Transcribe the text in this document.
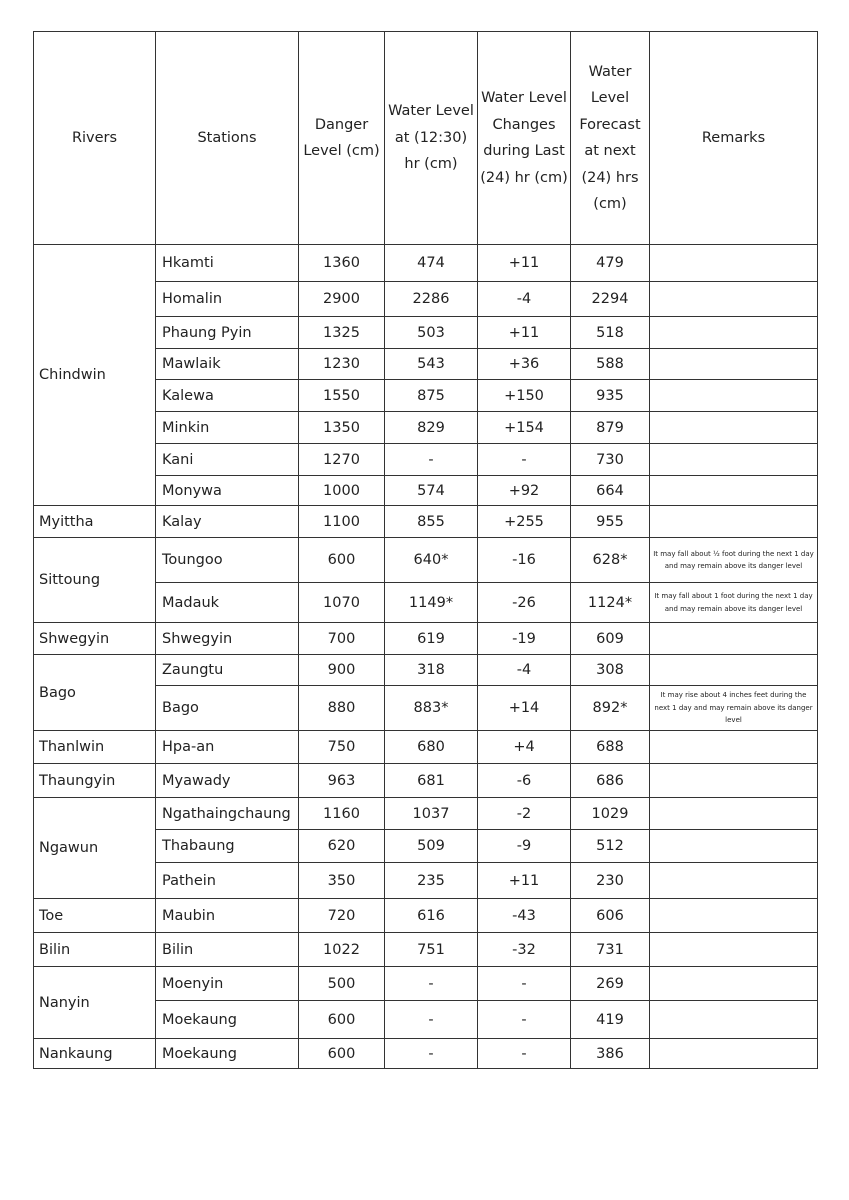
Rivers	Stations	Danger Level (cm)	Water Level at (12:30) hr (cm)	Water Level Changes during Last (24) hr (cm)	Water Level Forecast at next (24) hrs (cm)	Remarks
Chindwin	Hkamti	1360	474	+11	479	
	Homalin	2900	2286	-4	2294	
	Phaung Pyin	1325	503	+11	518	
	Mawlaik	1230	543	+36	588	
	Kalewa	1550	875	+150	935	
	Minkin	1350	829	+154	879	
	Kani	1270	-	-	730	
	Monywa	1000	574	+92	664	
Myittha	Kalay	1100	855	+255	955	
Sittoung	Toungoo	600	640*	-16	628*	It may fall about ½ foot during the next 1 day and may remain above its danger level
	Madauk	1070	1149*	-26	1124*	It may fall about 1 foot during the next 1 day and may remain above its danger level
Shwegyin	Shwegyin	700	619	-19	609	
Bago	Zaungtu	900	318	-4	308	
	Bago	880	883*	+14	892*	It may rise about 4 inches feet during the next 1 day and may remain above its danger level
Thanlwin	Hpa-an	750	680	+4	688	
Thaungyin	Myawady	963	681	-6	686	
Ngawun	Ngathaingchaung	1160	1037	-2	1029	
	Thabaung	620	509	-9	512	
	Pathein	350	235	+11	230	
Toe	Maubin	720	616	-43	606	
Bilin	Bilin	1022	751	-32	731	
Nanyin	Moenyin	500	-	-	269	
	Moekaung	600	-	-	419	
Nankaung	Moekaung	600	-	-	386	
